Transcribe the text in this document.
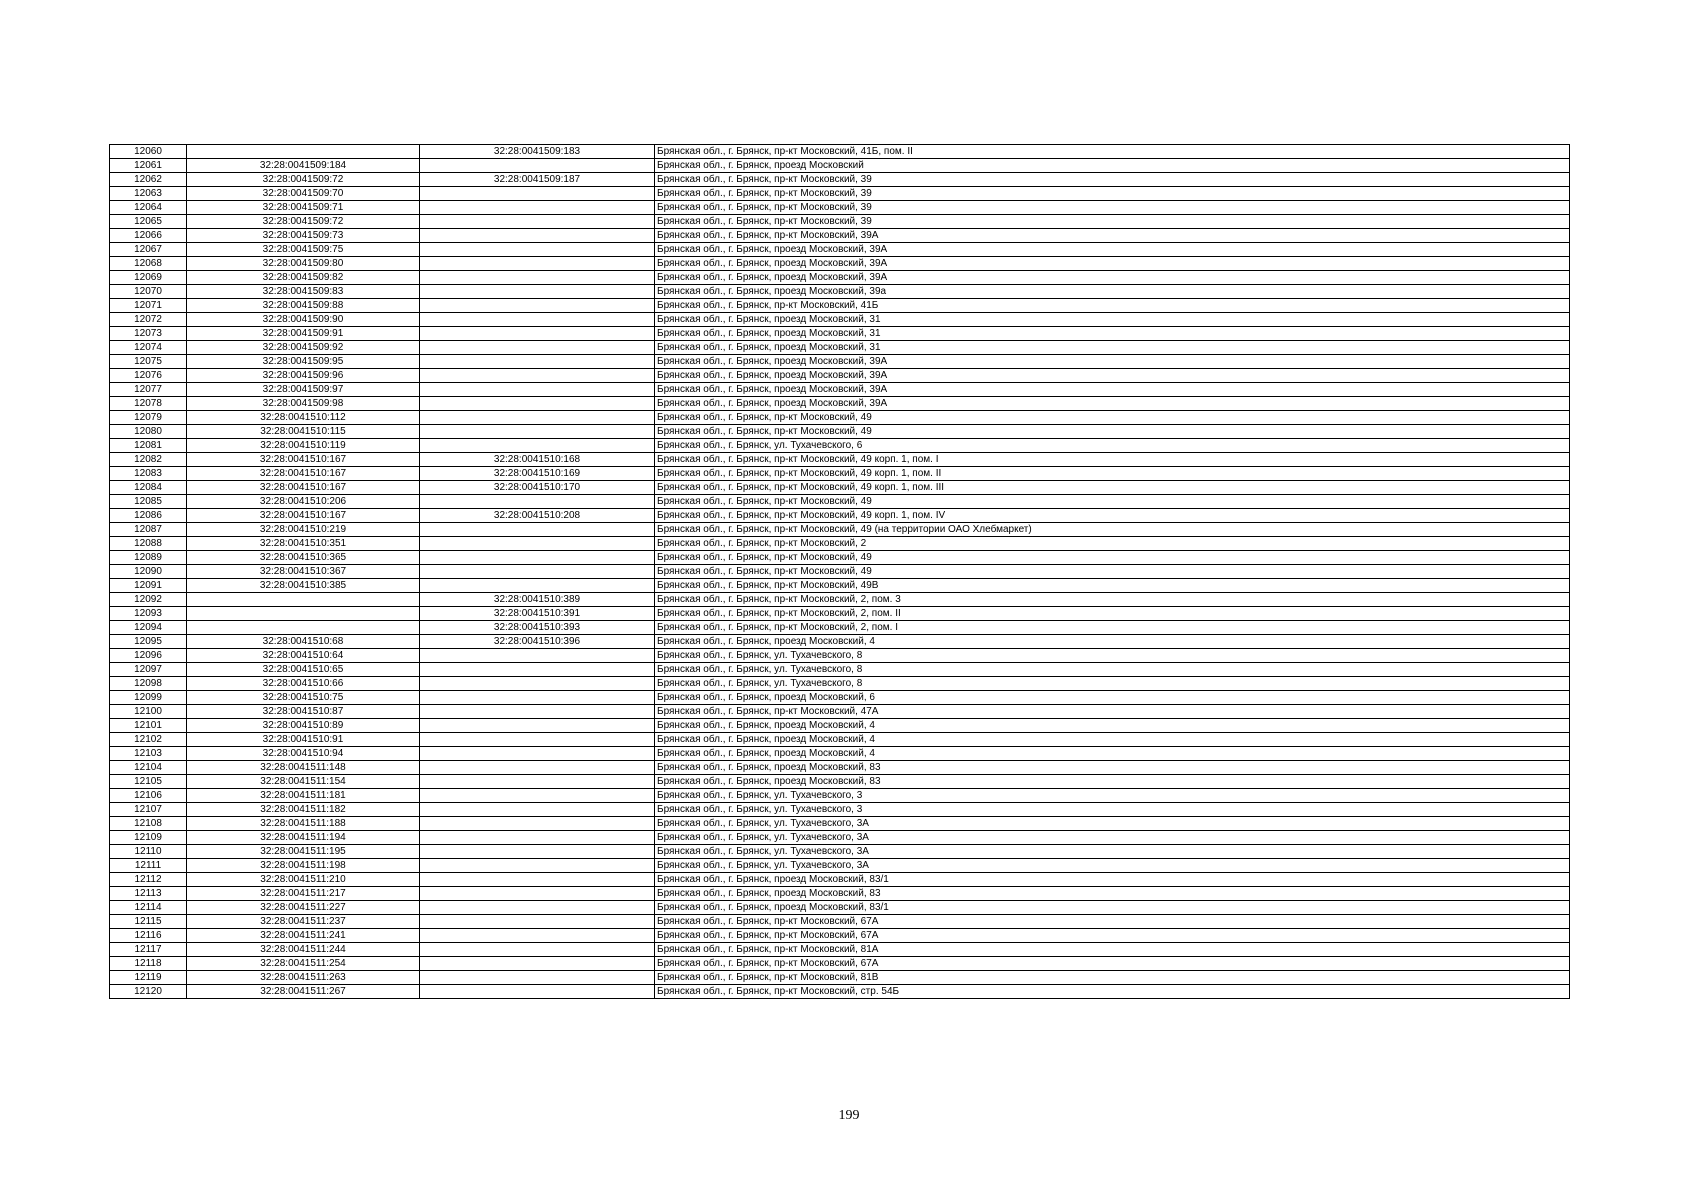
12060		32:28:0041509:183	Брянская обл., г. Брянск, пр-кт Московский, 41Б, пом. II
12061	32:28:0041509:184		Брянская обл., г. Брянск, проезд Московский
12062	32:28:0041509:72	32:28:0041509:187	Брянская обл., г. Брянск, пр-кт Московский, 39
12063	32:28:0041509:70		Брянская обл., г. Брянск, пр-кт Московский, 39
12064	32:28:0041509:71		Брянская обл., г. Брянск, пр-кт Московский, 39
12065	32:28:0041509:72		Брянская обл., г. Брянск, пр-кт Московский, 39
12066	32:28:0041509:73		Брянская обл., г. Брянск, пр-кт Московский, 39А
12067	32:28:0041509:75		Брянская обл., г. Брянск, проезд Московский, 39А
12068	32:28:0041509:80		Брянская обл., г. Брянск, проезд Московский, 39А
12069	32:28:0041509:82		Брянская обл., г. Брянск, проезд Московский, 39А
12070	32:28:0041509:83		Брянская обл., г. Брянск, проезд Московский, 39а
12071	32:28:0041509:88		Брянская обл., г. Брянск, пр-кт Московский, 41Б
12072	32:28:0041509:90		Брянская обл., г. Брянск, проезд Московский, 31
12073	32:28:0041509:91		Брянская обл., г. Брянск, проезд Московский, 31
12074	32:28:0041509:92		Брянская обл., г. Брянск, проезд Московский, 31
12075	32:28:0041509:95		Брянская обл., г. Брянск, проезд Московский, 39А
12076	32:28:0041509:96		Брянская обл., г. Брянск, проезд Московский, 39А
12077	32:28:0041509:97		Брянская обл., г. Брянск, проезд Московский, 39А
12078	32:28:0041509:98		Брянская обл., г. Брянск, проезд Московский, 39А
12079	32:28:0041510:112		Брянская обл., г. Брянск, пр-кт Московский, 49
12080	32:28:0041510:115		Брянская обл., г. Брянск, пр-кт Московский, 49
12081	32:28:0041510:119		Брянская обл., г. Брянск, ул. Тухачевского, 6
12082	32:28:0041510:167	32:28:0041510:168	Брянская обл., г. Брянск, пр-кт Московский, 49 корп. 1, пом. I
12083	32:28:0041510:167	32:28:0041510:169	Брянская обл., г. Брянск, пр-кт Московский, 49 корп. 1, пом. II
12084	32:28:0041510:167	32:28:0041510:170	Брянская обл., г. Брянск, пр-кт Московский, 49 корп. 1, пом. III
12085	32:28:0041510:206		Брянская обл., г. Брянск, пр-кт Московский, 49
12086	32:28:0041510:167	32:28:0041510:208	Брянская обл., г. Брянск, пр-кт Московский, 49 корп. 1, пом. IV
12087	32:28:0041510:219		Брянская обл., г. Брянск, пр-кт Московский, 49 (на территории ОАО Хлебмаркет)
12088	32:28:0041510:351		Брянская обл., г. Брянск, пр-кт Московский, 2
12089	32:28:0041510:365		Брянская обл., г. Брянск, пр-кт Московский, 49
12090	32:28:0041510:367		Брянская обл., г. Брянск, пр-кт Московский, 49
12091	32:28:0041510:385		Брянская обл., г. Брянск, пр-кт Московский, 49В
12092		32:28:0041510:389	Брянская обл., г. Брянск, пр-кт Московский, 2, пом. 3
12093		32:28:0041510:391	Брянская обл., г. Брянск, пр-кт Московский, 2, пом. II
12094		32:28:0041510:393	Брянская обл., г. Брянск, пр-кт Московский, 2, пом. I
12095	32:28:0041510:68	32:28:0041510:396	Брянская обл., г. Брянск, проезд Московский, 4
12096	32:28:0041510:64		Брянская обл., г. Брянск, ул. Тухачевского, 8
12097	32:28:0041510:65		Брянская обл., г. Брянск, ул. Тухачевского, 8
12098	32:28:0041510:66		Брянская обл., г. Брянск, ул. Тухачевского, 8
12099	32:28:0041510:75		Брянская обл., г. Брянск, проезд Московский, 6
12100	32:28:0041510:87		Брянская обл., г. Брянск, пр-кт Московский, 47А
12101	32:28:0041510:89		Брянская обл., г. Брянск, проезд Московский, 4
12102	32:28:0041510:91		Брянская обл., г. Брянск, проезд Московский, 4
12103	32:28:0041510:94		Брянская обл., г. Брянск, проезд Московский, 4
12104	32:28:0041511:148		Брянская обл., г. Брянск, проезд Московский, 83
12105	32:28:0041511:154		Брянская обл., г. Брянск, проезд Московский, 83
12106	32:28:0041511:181		Брянская обл., г. Брянск, ул. Тухачевского, 3
12107	32:28:0041511:182		Брянская обл., г. Брянск, ул. Тухачевского, 3
12108	32:28:0041511:188		Брянская обл., г. Брянск, ул. Тухачевского, 3А
12109	32:28:0041511:194		Брянская обл., г. Брянск, ул. Тухачевского, 3А
12110	32:28:0041511:195		Брянская обл., г. Брянск, ул. Тухачевского, 3А
12111	32:28:0041511:198		Брянская обл., г. Брянск, ул. Тухачевского, 3А
12112	32:28:0041511:210		Брянская обл., г. Брянск, проезд Московский, 83/1
12113	32:28:0041511:217		Брянская обл., г. Брянск, проезд Московский, 83
12114	32:28:0041511:227		Брянская обл., г. Брянск, проезд Московский, 83/1
12115	32:28:0041511:237		Брянская обл., г. Брянск, пр-кт Московский, 67А
12116	32:28:0041511:241		Брянская обл., г. Брянск, пр-кт Московский, 67А
12117	32:28:0041511:244		Брянская обл., г. Брянск, пр-кт Московский, 81А
12118	32:28:0041511:254		Брянская обл., г. Брянск, пр-кт Московский, 67А
12119	32:28:0041511:263		Брянская обл., г. Брянск, пр-кт Московский, 81В
12120	32:28:0041511:267		Брянская обл., г. Брянск, пр-кт Московский, стр. 54Б
199
